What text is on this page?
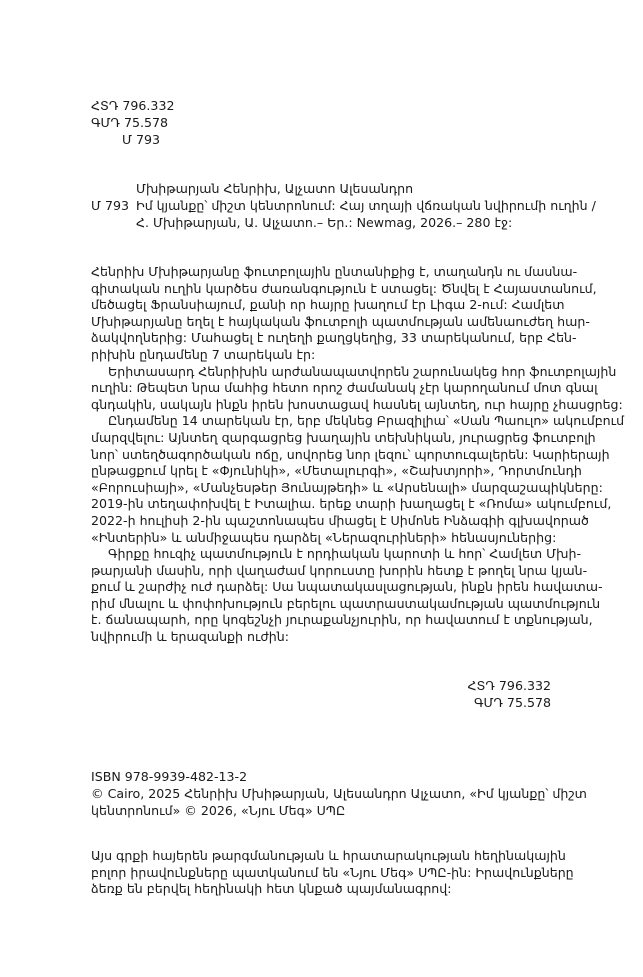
ՀՏԴ 796.332
ԳՄԴ 75.578
Մ 793
Մ 793
Մխիթարյան Հենրիխ, Ալչատո Ալեսանդրո
Իմ կյանքը՝ միշտ կենտրոնում: Հայ տղայի վճռական նվիրումի ուղին /
Հ. Մխիթարյան, Ա. Ալչատո.– Եր.: Newmag, 2026.– 280 էջ:
Հենրիխ Մխիթարյանը ֆուտբոլային ընտանիքից է, տաղանդն ու մասնա-
գիտական ուղին կարծես ժառանգություն է ստացել: Ծնվել է Հայաստանում,
մեծացել Ֆրանսիայում, քանի որ հայրը խաղում էր Լիգա 2-ում: Համլետ
Մխիթարյանը եղել է հայկական ֆուտբոլի պատմության ամենաուժեղ հար-
ձակվողներից: Մահացել է ուղեղի քաղցկեղից, 33 տարեկանում, երբ Հեն-
րիխին ընդամենը 7 տարեկան էր:
Երիտասարդ Հենրիխին արժանապատվորեն շարունակեց հոր ֆուտբոլային
ուղին: Թեպետ նրա մահից հետո որոշ ժամանակ չէր կարողանում մոտ գնալ
գնդակին, սակայն ինքն իրեն խոստացավ հասնել այնտեղ, ուր հայրը չհասցրեց:
Ընդամենը 14 տարեկան էր, երբ մեկնեց Բրազիլիա՝ «Սան Պաուլո» ակումբում
մարզվելու: Այնտեղ զարգացրեց խաղային տեխնիկան, յուրացրեց ֆուտբոլի
նոր՝ ստեղծագործական ոճը, սովորեց նոր լեզու՝ պորտուգալերեն: Կարիերայի
ընթացքում կրել է «Փյունիկի», «Մետալուրգի», «Շախտյորի», Դորտմունդի
«Բորուսիայի», «Մանչեսթեր Յունայթեդի» և «Արսենալի» մարզաշապիկները:
2019-ին տեղափոխվել է Իտալիա. երեք տարի խաղացել է «Ռոմա» ակումբում,
2022-ի հուլիսի 2-ին պաշտոնապես միացել է Սիմոնե Ինձագիի գլխավորած
«Ինտերին» և անմիջապես դարձել «Ներազուրիների» հենասյուներից:
Գիրքը հուզիչ պատմություն է որդիական կարոտի և հոր՝ Համլետ Մխի-
թարյանի մասին, որի վաղաժամ կորուստը խորին հետք է թողել նրա կյան-
քում և շարժիչ ուժ դարձել: Սա նպատակասլացության, ինքն իրեն հավատա-
րիմ մնալու և փոփոխություն բերելու պատրաստակամության պատմություն
է. ճանապարհ, որը կոգեշնչի յուրաքանչյուրին, որ հավատում է տքնության,
նվիրումի և երազանքի ուժին:
ՀՏԴ 796.332
ԳՄԴ 75.578
ISBN 978-9939-482-13-2
© Cairo, 2025 Հենրիխ Մխիթարյան, Ալեսանդրո Ալչատո, «Իմ կյանքը՝ միշտ
կենտրոնում» © 2026, «Նյու Մեգ» ՍՊԸ
Այս գրքի հայերեն թարգմանության և հրատարակության հեղինակային
բոլոր իրավունքները պատկանում են «Նյու Մեգ» ՍՊԸ-ին: Իրավունքները
ձեռք են բերվել հեղինակի հետ կնքած պայմանագրով:
